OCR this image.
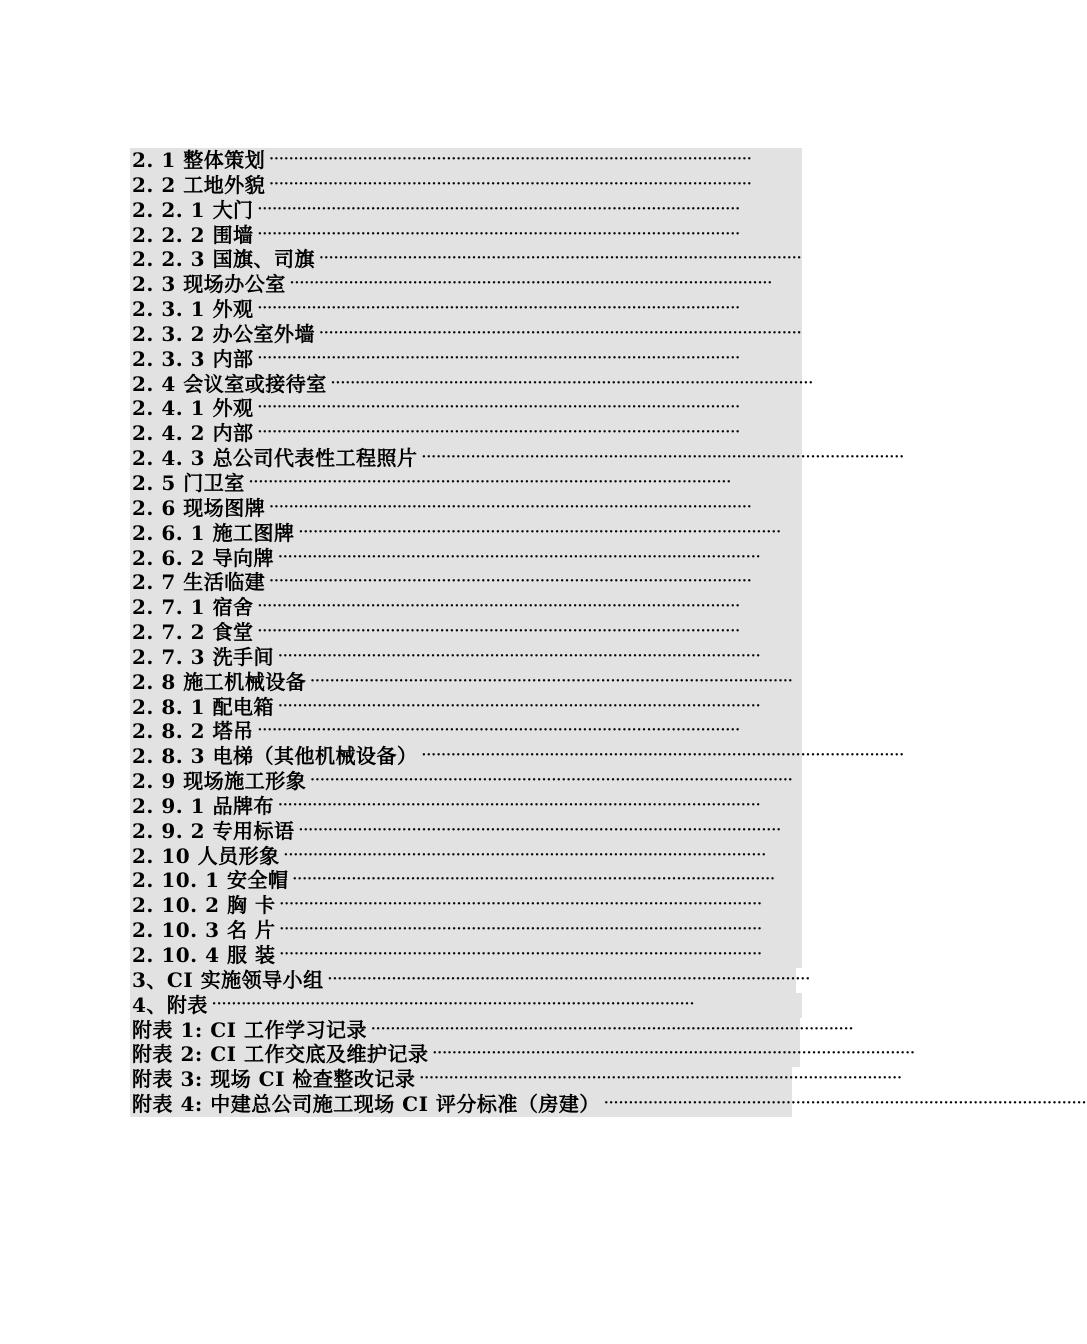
2. 1 整体策划 ··································································································
2. 2 工地外貌 ··································································································
2. 2. 1 大门 ··································································································
2. 2. 2 围墙 ··································································································
2. 2. 3 国旗、司旗 ··································································································
2. 3 现场办公室 ··································································································
2. 3. 1 外观 ··································································································
2. 3. 2 办公室外墙 ··································································································
2. 3. 3 内部 ··································································································
2. 4 会议室或接待室 ··································································································
2. 4. 1 外观 ··································································································
2. 4. 2 内部 ··································································································
2. 4. 3 总公司代表性工程照片 ··································································································
2. 5 门卫室 ··································································································
2. 6 现场图牌 ··································································································
2. 6. 1 施工图牌 ··································································································
2. 6. 2 导向牌 ··································································································
2. 7 生活临建 ··································································································
2. 7. 1 宿舍 ··································································································
2. 7. 2 食堂 ··································································································
2. 7. 3 洗手间 ··································································································
2. 8 施工机械设备 ··································································································
2. 8. 1 配电箱 ··································································································
2. 8. 2 塔吊 ··································································································
2. 8. 3 电梯（其他机械设备） ··································································································
2. 9 现场施工形象 ··································································································
2. 9. 1 品牌布 ··································································································
2. 9. 2 专用标语 ··································································································
2. 10 人员形象 ··································································································
2. 10. 1 安全帽 ··································································································
2. 10. 2 胸 卡 ··································································································
2. 10. 3 名 片 ··································································································
2. 10. 4 服 装 ··································································································
3、CI 实施领导小组 ··································································································
4、附表 ··································································································
附表 1: CI 工作学习记录 ··································································································
附表 2: CI 工作交底及维护记录 ··································································································
附表 3: 现场 CI 检查整改记录 ··································································································
附表 4: 中建总公司施工现场 CI 评分标准（房建） ··································································································
